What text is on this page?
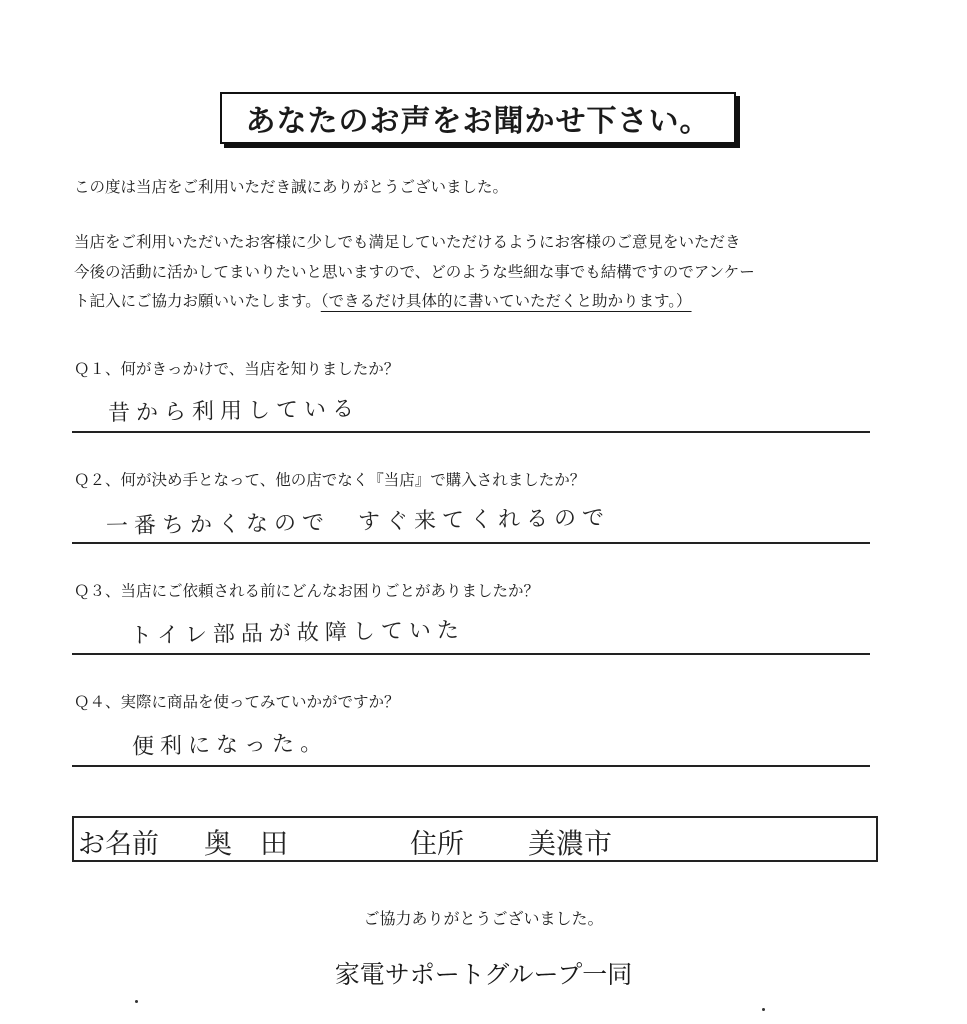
あなたのお声をお聞かせ下さい。
この度は当店をご利用いただき誠にありがとうございました。
当店をご利用いただいたお客様に少しでも満足していただけるようにお客様のご意見をいただき
今後の活動に活かしてまいりたいと思いますので、どのような些細な事でも結構ですのでアンケー
ト記入にご協力お願いいたします。（できるだけ具体的に書いていただくと助かります。）
Ｑ１、何がきっかけで、当店を知りましたか？
昔から利用している
Ｑ２、何が決め手となって、他の店でなく『当店』で購入されましたか？
一番ちかくなので　すぐ来てくれるので
Ｑ３、当店にご依頼される前にどんなお困りごとがありましたか？
トイレ部品が故障していた
Ｑ４、実際に商品を使ってみていかがですか？
便利になった。
お名前 奥　田	住所 美濃市
ご協力ありがとうございました。
家電サポートグループ一同
